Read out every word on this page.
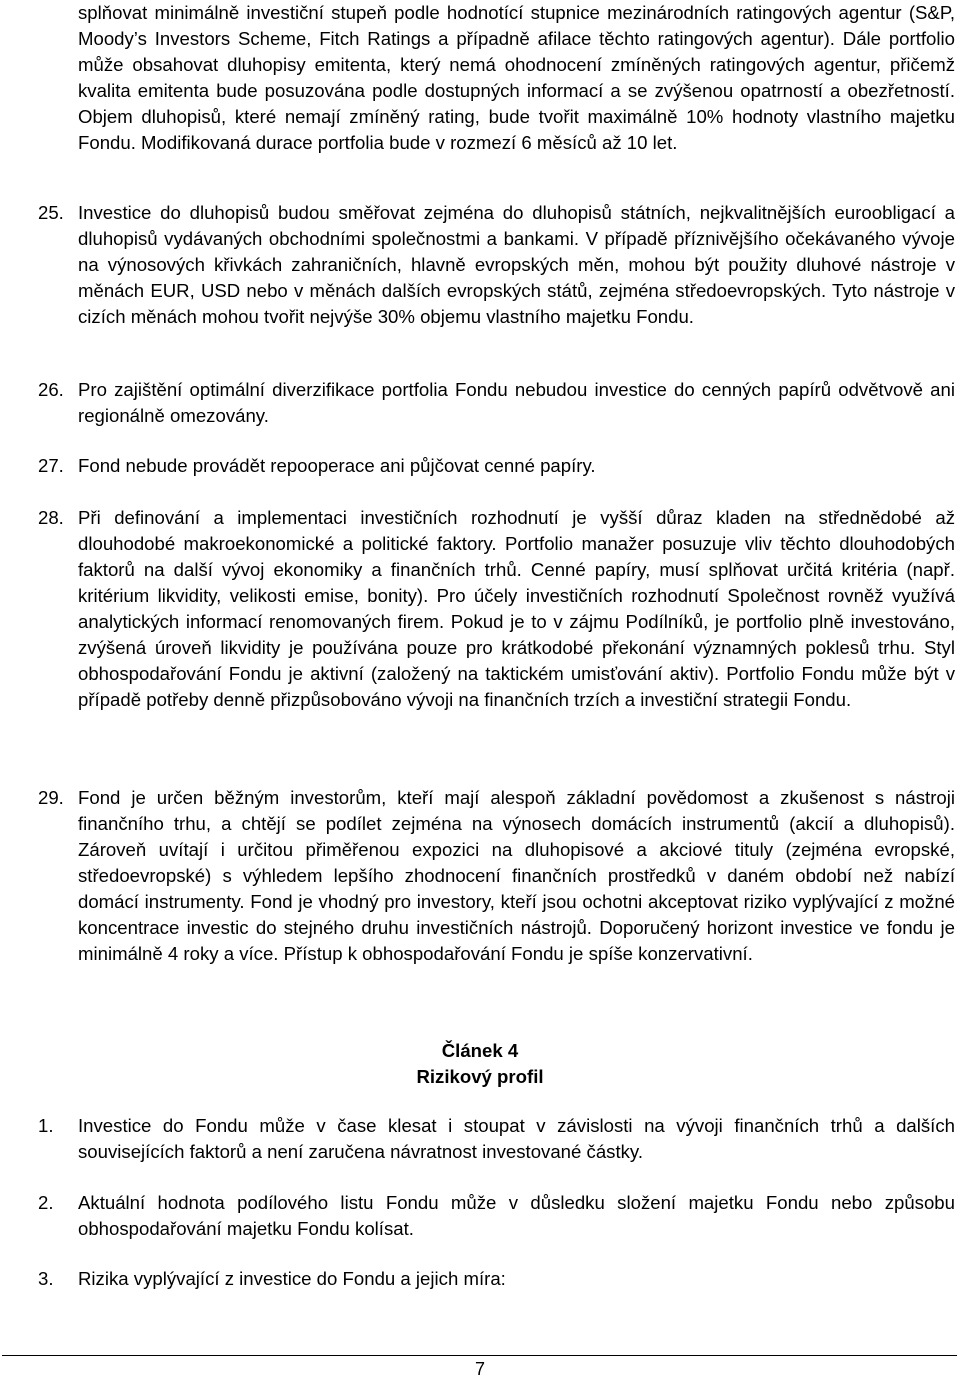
splňovat minimálně investiční stupeň podle hodnotící stupnice mezinárodních ratingových agentur (S&P, Moody’s Investors Scheme, Fitch Ratings a případně afilace těchto ratingových agentur). Dále portfolio může obsahovat dluhopisy emitenta, který nemá ohodnocení zmíněných ratingových agentur, přičemž kvalita emitenta bude posuzována podle dostupných informací a se zvýšenou opatrností a obezřetností. Objem dluhopisů, které nemají zmíněný rating, bude tvořit maximálně 10% hodnoty vlastního majetku Fondu. Modifikovaná durace portfolia bude v rozmezí 6 měsíců až 10 let.

25. Investice do dluhopisů budou směřovat zejména do dluhopisů státních, nejkvalitnějších euroobligací a dluhopisů vydávaných obchodními společnostmi a bankami. V případě příznivějšího očekávaného vývoje na výnosových křivkách zahraničních, hlavně evropských měn, mohou být použity dluhové nástroje v měnách EUR, USD nebo v měnách dalších evropských států, zejména středoevropských. Tyto nástroje v cizích měnách mohou tvořit nejvýše 30% objemu vlastního majetku Fondu.
26. Pro zajištění optimální diverzifikace portfolia Fondu nebudou investice do cenných papírů odvětvově ani regionálně omezovány.
27. Fond nebude provádět repooperace ani půjčovat cenné papíry.
28. Při definování a implementaci investičních rozhodnutí je vyšší důraz kladen na střednědobé až dlouhodobé makroekonomické a politické faktory. Portfolio manažer posuzuje vliv těchto dlouhodobých faktorů na další vývoj ekonomiky a finančních trhů. Cenné papíry, musí splňovat určitá kritéria (např. kritérium likvidity, velikosti emise, bonity). Pro účely investičních rozhodnutí Společnost rovněž využívá analytických informací renomovaných firem. Pokud je to v zájmu Podílníků, je portfolio plně investováno, zvýšená úroveň likvidity je používána pouze pro krátkodobé překonání významných poklesů trhu. Styl obhospodařování Fondu je aktivní (založený na taktickém umisťování aktiv). Portfolio Fondu může být v případě potřeby denně přizpůsobováno vývoji na finančních trzích a investiční strategii Fondu.
29. Fond je určen běžným investorům, kteří mají alespoň základní povědomost a zkušenost s nástroji finančního trhu, a chtějí se podílet zejména na výnosech domácích instrumentů (akcií a dluhopisů). Zároveň uvítají i určitou přiměřenou expozici na dluhopisové a akciové tituly (zejména evropské, středoevropské) s výhledem lepšího zhodnocení finančních prostředků v daném období než nabízí domácí instrumenty. Fond je vhodný pro investory, kteří jsou ochotni akceptovat riziko vyplývající z možné koncentrace investic do stejného druhu investičních nástrojů. Doporučený horizont investice ve fondu je minimálně 4 roky a více. Přístup k obhospodařování Fondu je spíše konzervativní.

Článek 4

Rizikový profil

1.	Investice do Fondu může v čase klesat i stoupat v závislosti na vývoji finančních trhů a dalších souvisejících faktorů a není zaručena návratnost investované částky.
2.	Aktuální hodnota podílového listu Fondu může v důsledku složení majetku Fondu nebo způsobu obhospodařování majetku Fondu kolísat.
3.	Rizika vyplývající z investice do Fondu a jejich míra:
7
